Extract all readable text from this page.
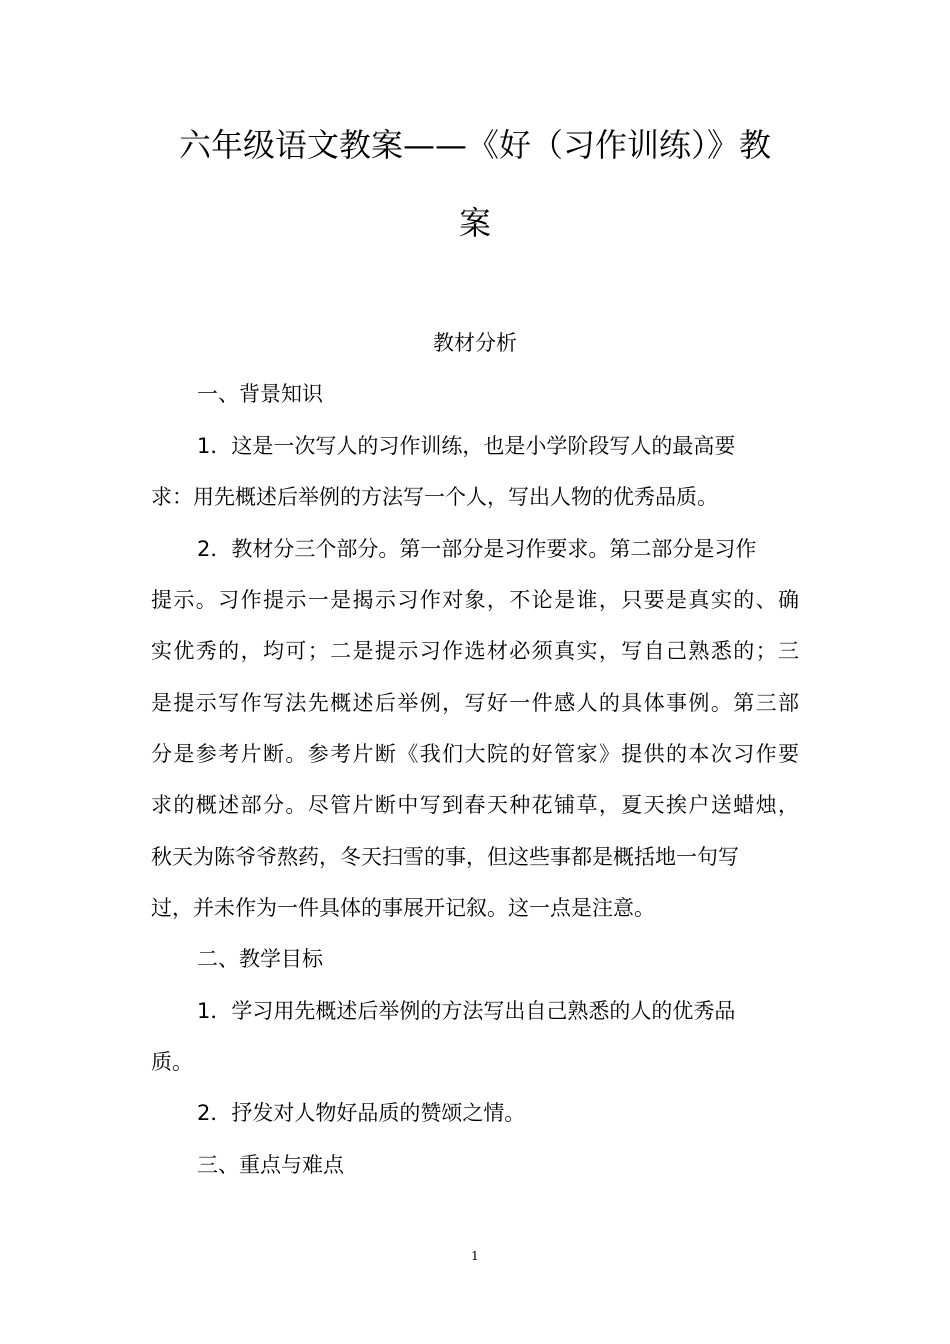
六年级语文教案——《好（习作训练）》教
案

教材分析

一、背景知识

1．这是一次写人的习作训练，也是小学阶段写人的最高要

求：用先概述后举例的方法写一个人，写出人物的优秀品质。

2．教材分三个部分。第一部分是习作要求。第二部分是习作

提示。习作提示一是揭示习作对象，不论是谁，只要是真实的、确

实优秀的，均可；二是提示习作选材必须真实，写自己熟悉的；三

是提示写作写法先概述后举例，写好一件感人的具体事例。第三部

分是参考片断。参考片断《我们大院的好管家》提供的本次习作要

求的概述部分。尽管片断中写到春天种花铺草，夏天挨户送蜡烛，

秋天为陈爷爷熬药，冬天扫雪的事，但这些事都是概括地一句写

过，并未作为一件具体的事展开记叙。这一点是注意。

二、教学目标

1．学习用先概述后举例的方法写出自己熟悉的人的优秀品

质。

2．抒发对人物好品质的赞颂之情。

三、重点与难点

1
